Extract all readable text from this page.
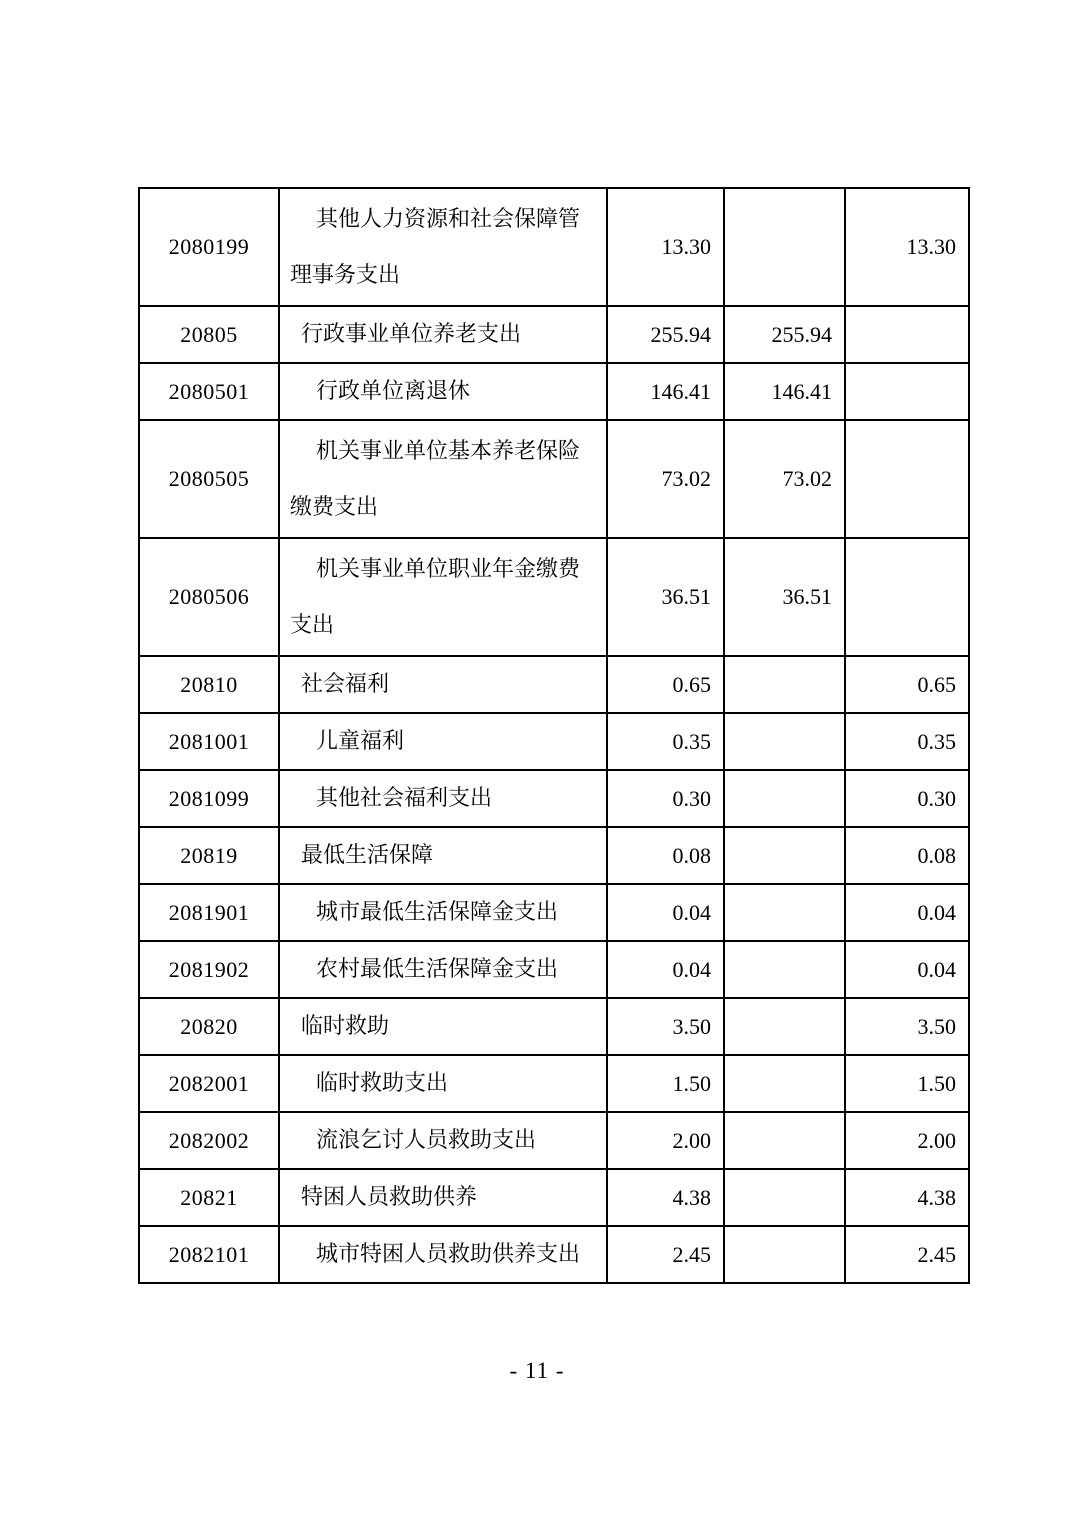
2080199	其他人力资源和社会保障管理事务支出	13.30		13.30
20805	行政事业单位养老支出	255.94	255.94	
2080501	行政单位离退休	146.41	146.41	
2080505	机关事业单位基本养老保险缴费支出	73.02	73.02	
2080506	机关事业单位职业年金缴费支出	36.51	36.51	
20810	社会福利	0.65		0.65
2081001	儿童福利	0.35		0.35
2081099	其他社会福利支出	0.30		0.30
20819	最低生活保障	0.08		0.08
2081901	城市最低生活保障金支出	0.04		0.04
2081902	农村最低生活保障金支出	0.04		0.04
20820	临时救助	3.50		3.50
2082001	临时救助支出	1.50		1.50
2082002	流浪乞讨人员救助支出	2.00		2.00
20821	特困人员救助供养	4.38		4.38
2082101	城市特困人员救助供养支出	2.45		2.45
- 11 -
